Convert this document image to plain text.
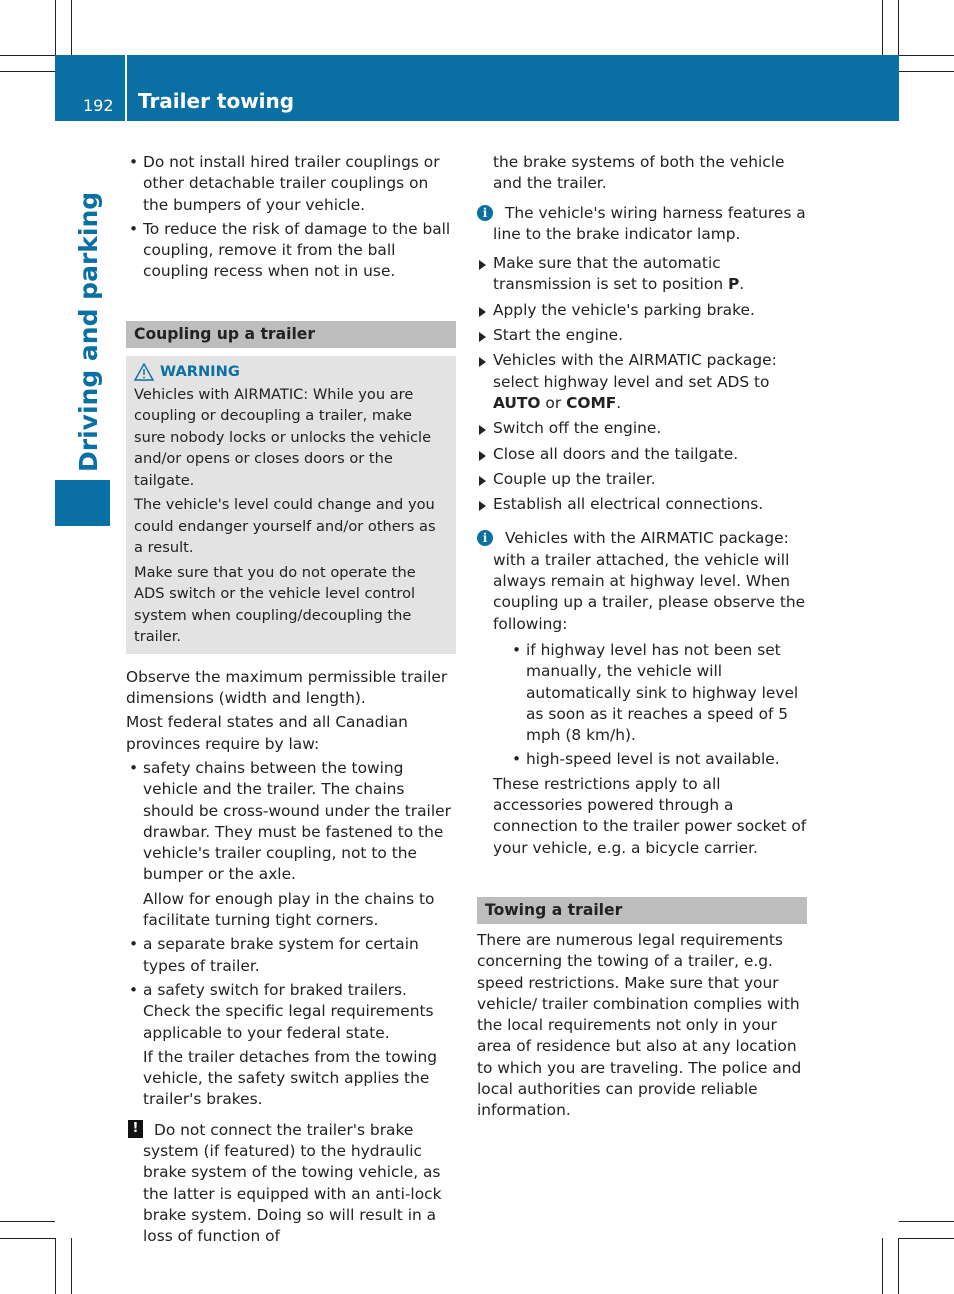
192 Trailer towing
Driving and parking
• Do not install hired trailer couplings or other detachable trailer couplings on the bumpers of your vehicle.
• To reduce the risk of damage to the ball coupling, remove it from the ball coupling recess when not in use.
Coupling up a trailer
WARNING

Vehicles with AIRMATIC: While you are coupling or decoupling a trailer, make sure nobody locks or unlocks the vehicle and/or opens or closes doors or the tailgate.

The vehicle's level could change and you could endanger yourself and/or others as a result.

Make sure that you do not operate the ADS switch or the vehicle level control system when coupling/decoupling the trailer.

Observe the maximum permissible trailer dimensions (width and length).

Most federal states and all Canadian provinces require by law:

• safety chains between the towing vehicle and the trailer. The chains should be cross-wound under the trailer drawbar. They must be fastened to the vehicle's trailer coupling, not to the bumper or the axle.

Allow for enough play in the chains to facilitate turning tight corners.

• a separate brake system for certain types of trailer.
• a safety switch for braked trailers. Check the specific legal requirements applicable to your federal state.

If the trailer detaches from the towing vehicle, the safety switch applies the trailer's brakes.

! Do not connect the trailer's brake system (if featured) to the hydraulic brake system of the towing vehicle, as the latter is equipped with an anti-lock brake system. Doing so will result in a loss of function of

the brake systems of both the vehicle and the trailer.

i	The vehicle's wiring harness features a line to the brake indicator lamp.
Make sure that the automatic transmission is set to position P.
Apply the vehicle's parking brake.
Start the engine.
Vehicles with the AIRMATIC package: select highway level and set ADS to AUTO or COMF.
Switch off the engine.
Close all doors and the tailgate.
Couple up the trailer.
Establish all electrical connections.
i	Vehicles with the AIRMATIC package: with a trailer attached, the vehicle will always remain at highway level. When coupling up a trailer, please observe the following:
• if highway level has not been set manually, the vehicle will automatically sink to highway level as soon as it reaches a speed of 5 mph (8 km/h).
• high-speed level is not available.

These restrictions apply to all accessories powered through a connection to the trailer power socket of your vehicle, e.g. a bicycle carrier.

Towing a trailer

There are numerous legal requirements concerning the towing of a trailer, e.g. speed restrictions. Make sure that your vehicle/ trailer combination complies with the local requirements not only in your area of residence but also at any location to which you are traveling. The police and local authorities can provide reliable information.
